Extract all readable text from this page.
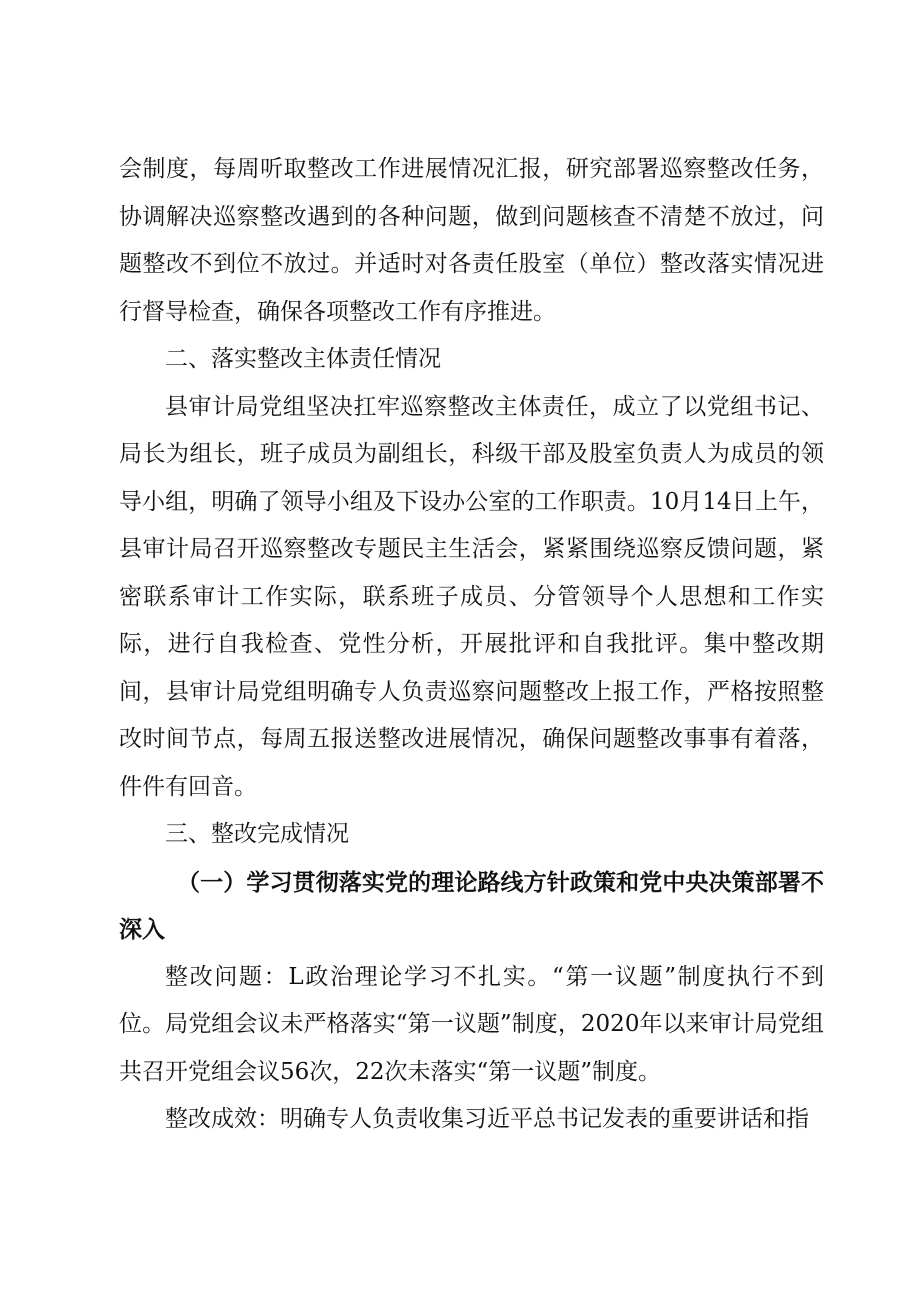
会制度，每周听取整改工作进展情况汇报，研究部署巡察整改任务，协调解决巡察整改遇到的各种问题，做到问题核查不清楚不放过，问题整改不到位不放过。并适时对各责任股室（单位）整改落实情况进行督导检查，确保各项整改工作有序推进。

二、落实整改主体责任情况

县审计局党组坚决扛牢巡察整改主体责任，成立了以党组书记、局长为组长，班子成员为副组长，科级干部及股室负责人为成员的领导小组，明确了领导小组及下设办公室的工作职责。10月14日上午，县审计局召开巡察整改专题民主生活会，紧紧围绕巡察反馈问题，紧密联系审计工作实际，联系班子成员、分管领导个人思想和工作实际，进行自我检查、党性分析，开展批评和自我批评。集中整改期间，县审计局党组明确专人负责巡察问题整改上报工作，严格按照整改时间节点，每周五报送整改进展情况，确保问题整改事事有着落，件件有回音。

三、整改完成情况

（一）学习贯彻落实党的理论路线方针政策和党中央决策部署不深入

整改问题：L政治理论学习不扎实。“第一议题”制度执行不到位。局党组会议未严格落实“第一议题”制度，2020年以来审计局党组共召开党组会议56次，22次未落实“第一议题”制度。

整改成效：明确专人负责收集习近平总书记发表的重要讲话和指
